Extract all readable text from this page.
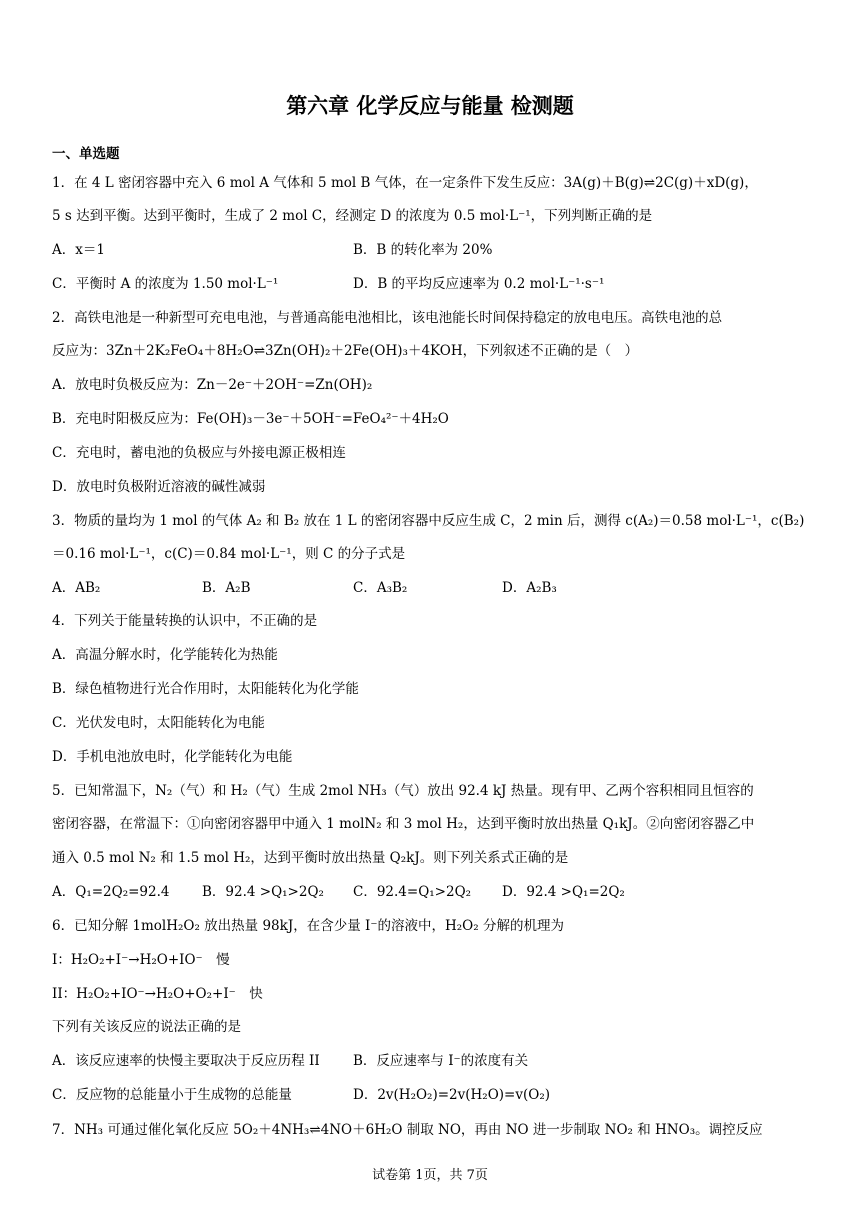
第六章 化学反应与能量 检测题
一、单选题
1．在 4 L 密闭容器中充入 6 mol A 气体和 5 mol B 气体，在一定条件下发生反应：3A(g)＋B(g)⇌2C(g)＋xD(g)，
5 s 达到平衡。达到平衡时，生成了 2 mol C，经测定 D 的浓度为 0.5 mol·L⁻¹，下列判断正确的是
A．x＝1	B．B 的转化率为 20%
C．平衡时 A 的浓度为 1.50 mol·L⁻¹	D．B 的平均反应速率为 0.2 mol·L⁻¹·s⁻¹
2．高铁电池是一种新型可充电电池，与普通高能电池相比，该电池能长时间保持稳定的放电电压。高铁电池的总
反应为：3Zn＋2K₂FeO₄＋8H₂O⇌3Zn(OH)₂＋2Fe(OH)₃＋4KOH，下列叙述不正确的是（　）
A．放电时负极反应为：Zn－2e⁻＋2OH⁻=Zn(OH)₂
B．充电时阳极反应为：Fe(OH)₃－3e⁻＋5OH⁻=FeO₄²⁻＋4H₂O
C．充电时，蓄电池的负极应与外接电源正极相连
D．放电时负极附近溶液的碱性减弱
3．物质的量均为 1 mol 的气体 A₂ 和 B₂ 放在 1 L 的密闭容器中反应生成 C，2 min 后，测得 c(A₂)＝0.58 mol·L⁻¹，c(B₂)
＝0.16 mol·L⁻¹，c(C)＝0.84 mol·L⁻¹，则 C 的分子式是
A．AB₂	B．A₂B	C．A₃B₂	D．A₂B₃
4．下列关于能量转换的认识中，不正确的是
A．高温分解水时，化学能转化为热能
B．绿色植物进行光合作用时，太阳能转化为化学能
C．光伏发电时，太阳能转化为电能
D．手机电池放电时，化学能转化为电能
5．已知常温下，N₂（气）和 H₂（气）生成 2mol NH₃（气）放出 92.4 kJ 热量。现有甲、乙两个容积相同且恒容的
密闭容器，在常温下：①向密闭容器甲中通入 1 molN₂ 和 3 mol H₂，达到平衡时放出热量 Q₁kJ。②向密闭容器乙中
通入 0.5 mol N₂ 和 1.5 mol H₂，达到平衡时放出热量 Q₂kJ。则下列关系式正确的是
A．Q₁=2Q₂=92.4 B．92.4 >Q₁>2Q₂ C．92.4=Q₁>2Q₂ D．92.4 >Q₁=2Q₂
6．已知分解 1molH₂O₂ 放出热量 98kJ，在含少量 I⁻的溶液中，H₂O₂ 分解的机理为
I：H₂O₂+I⁻→H₂O+IO⁻　慢
II：H₂O₂+IO⁻→H₂O+O₂+I⁻　快
下列有关该反应的说法正确的是
A．该反应速率的快慢主要取决于反应历程 II B．反应速率与 I⁻的浓度有关
C．反应物的总能量小于生成物的总能量	D．2v(H₂O₂)=2v(H₂O)=v(O₂)
7．NH₃ 可通过催化氧化反应 5O₂＋4NH₃⇌4NO＋6H₂O 制取 NO，再由 NO 进一步制取 NO₂ 和 HNO₃。调控反应
试卷第 1页，共 7页
